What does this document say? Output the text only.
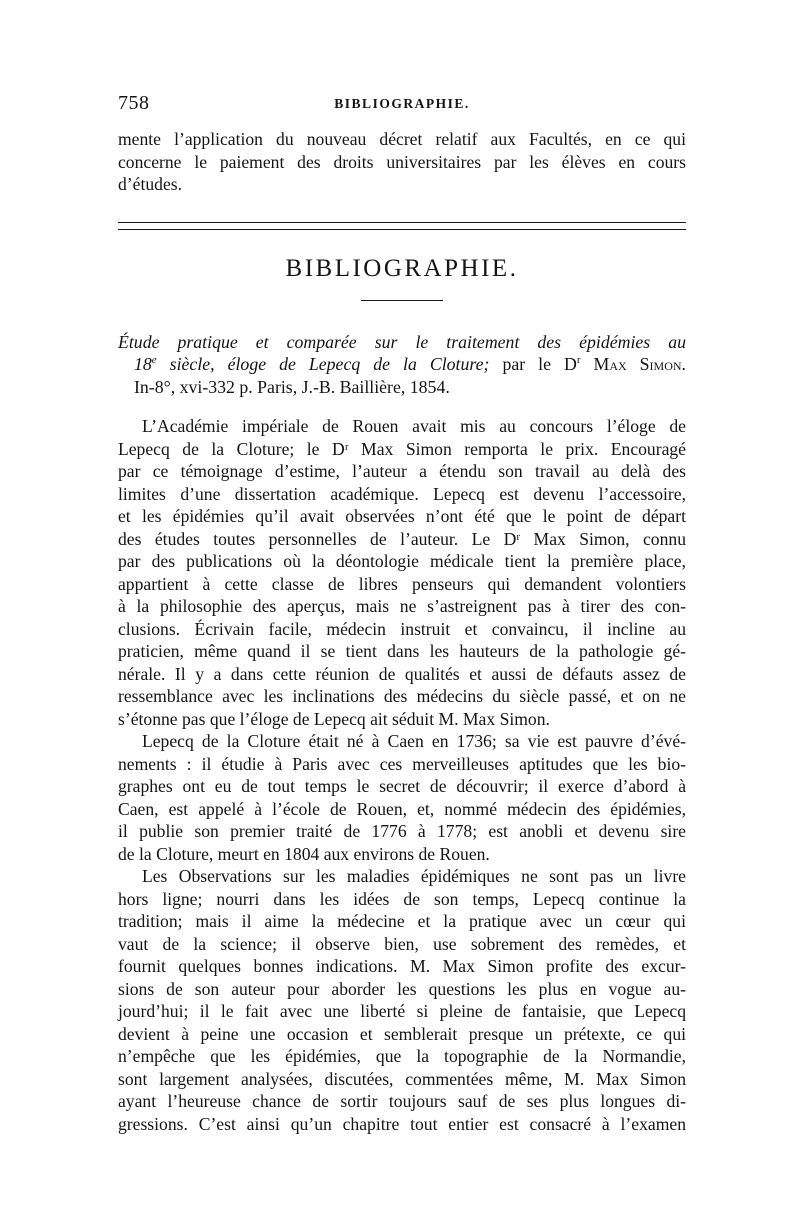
758	BIBLIOGRAPHIE.
mente l’application du nouveau décret relatif aux Facultés, en ce qui
concerne le paiement des droits universitaires par les élèves en cours
d’études.
BIBLIOGRAPHIE.
Étude pratique et comparée sur le traitement des épidémies au
18e siècle, éloge de Lepecq de la Cloture; par le $D^r$ Max Simon.
In-8°, xvi-332 p. Paris, J.-B. Baillière, 1854.
L’Académie impériale de Rouen avait mis au concours l’éloge de
Lepecq de la Cloture; le Dʳ Max Simon remporta le prix. Encouragé
par ce témoignage d’estime, l’auteur a étendu son travail au delà des
limites d’une dissertation académique. Lepecq est devenu l’accessoire,
et les épidémies qu’il avait observées n’ont été que le point de départ
des études toutes personnelles de l’auteur. Le Dʳ Max Simon, connu
par des publications où la déontologie médicale tient la première place,
appartient à cette classe de libres penseurs qui demandent volontiers
à la philosophie des aperçus, mais ne s’astreignent pas à tirer des con-
clusions. Écrivain facile, médecin instruit et convaincu, il incline au
praticien, même quand il se tient dans les hauteurs de la pathologie gé-
nérale. Il y a dans cette réunion de qualités et aussi de défauts assez de
ressemblance avec les inclinations des médecins du siècle passé, et on ne
s’étonne pas que l’éloge de Lepecq ait séduit M. Max Simon.
Lepecq de la Cloture était né à Caen en 1736; sa vie est pauvre d’évé-
nements : il étudie à Paris avec ces merveilleuses aptitudes que les bio-
graphes ont eu de tout temps le secret de découvrir; il exerce d’abord à
Caen, est appelé à l’école de Rouen, et, nommé médecin des épidémies,
il publie son premier traité de 1776 à 1778; est anobli et devenu sire
de la Cloture, meurt en 1804 aux environs de Rouen.
Les Observations sur les maladies épidémiques ne sont pas un livre
hors ligne; nourri dans les idées de son temps, Lepecq continue la
tradition; mais il aime la médecine et la pratique avec un cœur qui
vaut de la science; il observe bien, use sobrement des remèdes, et
fournit quelques bonnes indications. M. Max Simon profite des excur-
sions de son auteur pour aborder les questions les plus en vogue au-
jourd’hui; il le fait avec une liberté si pleine de fantaisie, que Lepecq
devient à peine une occasion et semblerait presque un prétexte, ce qui
n’empêche que les épidémies, que la topographie de la Normandie,
sont largement analysées, discutées, commentées même, M. Max Simon
ayant l’heureuse chance de sortir toujours sauf de ses plus longues di-
gressions. C’est ainsi qu’un chapitre tout entier est consacré à l’examen
